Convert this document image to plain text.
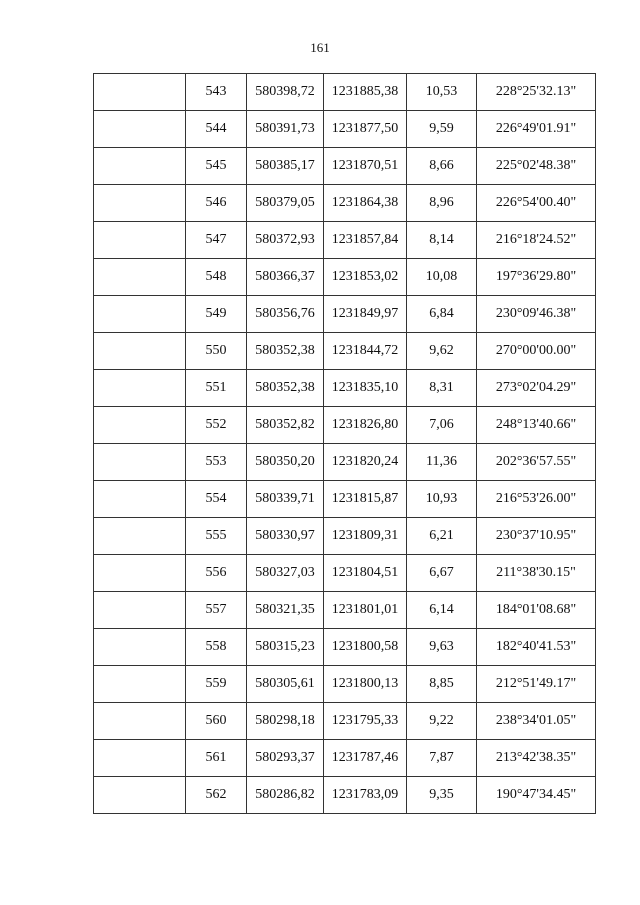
161
	543	580398,72	1231885,38	10,53	228°25'32.13"
	544	580391,73	1231877,50	9,59	226°49'01.91"
	545	580385,17	1231870,51	8,66	225°02'48.38"
	546	580379,05	1231864,38	8,96	226°54'00.40"
	547	580372,93	1231857,84	8,14	216°18'24.52"
	548	580366,37	1231853,02	10,08	197°36'29.80"
	549	580356,76	1231849,97	6,84	230°09'46.38"
	550	580352,38	1231844,72	9,62	270°00'00.00"
	551	580352,38	1231835,10	8,31	273°02'04.29"
	552	580352,82	1231826,80	7,06	248°13'40.66"
	553	580350,20	1231820,24	11,36	202°36'57.55"
	554	580339,71	1231815,87	10,93	216°53'26.00"
	555	580330,97	1231809,31	6,21	230°37'10.95"
	556	580327,03	1231804,51	6,67	211°38'30.15"
	557	580321,35	1231801,01	6,14	184°01'08.68"
	558	580315,23	1231800,58	9,63	182°40'41.53"
	559	580305,61	1231800,13	8,85	212°51'49.17"
	560	580298,18	1231795,33	9,22	238°34'01.05"
	561	580293,37	1231787,46	7,87	213°42'38.35"
	562	580286,82	1231783,09	9,35	190°47'34.45"
